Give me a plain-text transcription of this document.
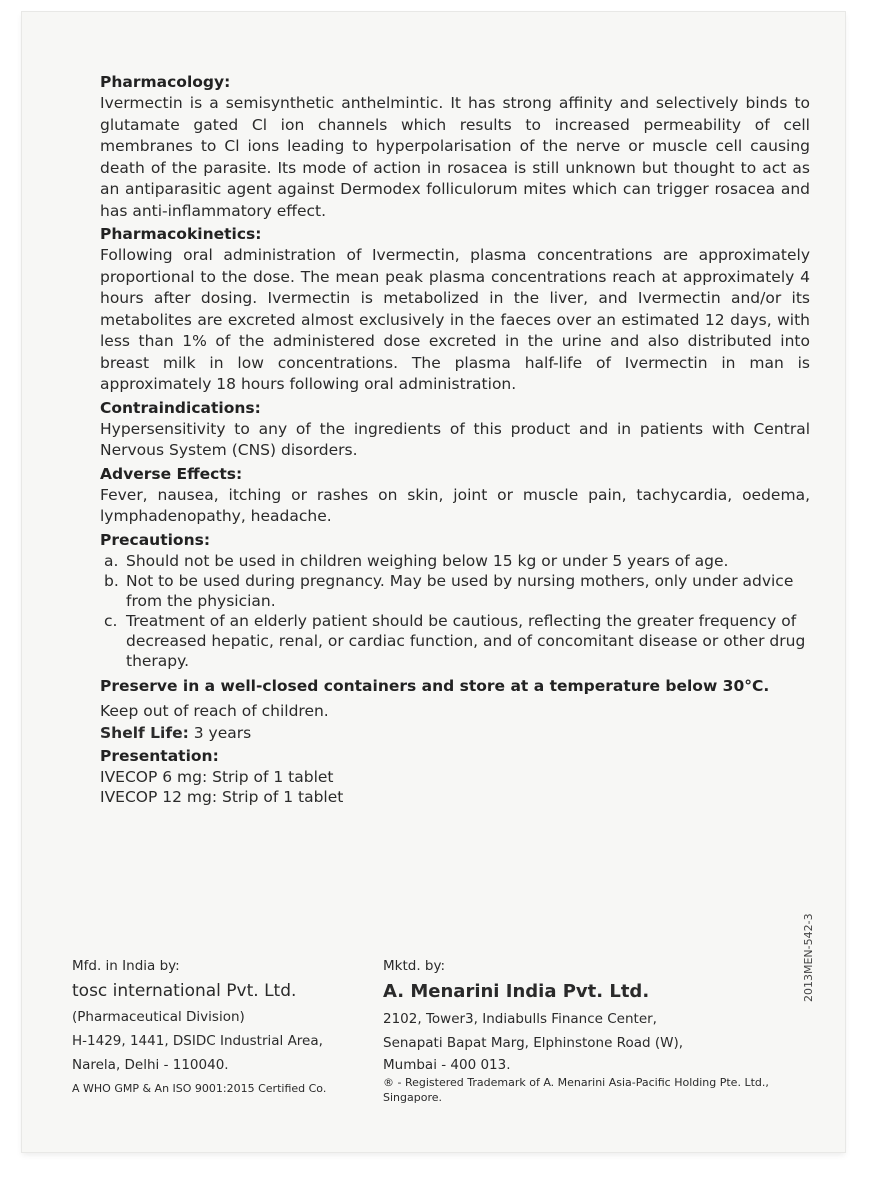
Pharmacology:

Ivermectin is a semisynthetic anthelmintic. It has strong affinity and selectively binds to glutamate gated Cl ion channels which results to increased permeability of cell membranes to Cl ions leading to hyperpolarisation of the nerve or muscle cell causing death of the parasite. Its mode of action in rosacea is still unknown but thought to act as an antiparasitic agent against Dermodex folliculorum mites which can trigger rosacea and has anti-inflammatory effect.

Pharmacokinetics:

Following oral administration of Ivermectin, plasma concentrations are approximately proportional to the dose. The mean peak plasma concentrations reach at approximately 4 hours after dosing. Ivermectin is metabolized in the liver, and Ivermectin and/or its metabolites are excreted almost exclusively in the faeces over an estimated 12 days, with less than 1% of the administered dose excreted in the urine and also distributed into breast milk in low concentrations. The plasma half-life of Ivermectin in man is approximately 18 hours following oral administration.

Contraindications:

Hypersensitivity to any of the ingredients of this product and in patients with Central Nervous System (CNS) disorders.

Adverse Effects:

Fever, nausea, itching or rashes on skin, joint or muscle pain, tachycardia, oedema, lymphadenopathy, headache.

Precautions:

a. Should not be used in children weighing below 15 kg or under 5 years of age.
b. Not to be used during pregnancy. May be used by nursing mothers, only under advice from the physician.
c. Treatment of an elderly patient should be cautious, reflecting the greater frequency of decreased hepatic, renal, or cardiac function, and of concomitant disease or other drug therapy.

Preserve in a well-closed containers and store at a temperature below 30°C.

Keep out of reach of children.

Shelf Life: 3 years

Presentation:

IVECOP 6 mg: Strip of 1 tablet

IVECOP 12 mg: Strip of 1 tablet

2013MEN-542-3

Mfd. in India by:

tosc international Pvt. Ltd.

(Pharmaceutical Division)

H-1429, 1441, DSIDC Industrial Area,

Narela, Delhi - 110040.

A WHO GMP & An ISO 9001:2015 Certified Co.

Mktd. by:

A. Menarini India Pvt. Ltd.

2102, Tower3, Indiabulls Finance Center,

Senapati Bapat Marg, Elphinstone Road (W),

Mumbai - 400 013.

® - Registered Trademark of A. Menarini Asia-Pacific Holding Pte. Ltd., Singapore.
